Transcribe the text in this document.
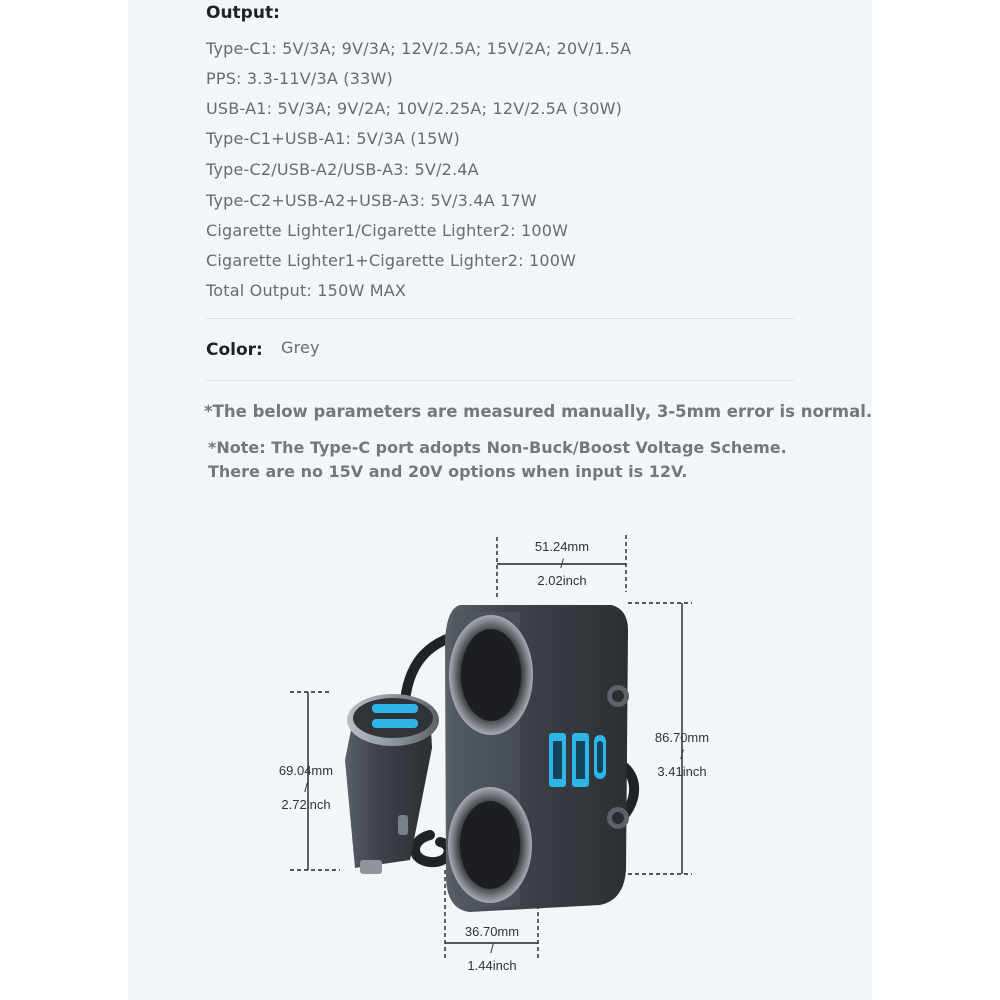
Output:
Type-C1: 5V/3A; 9V/3A; 12V/2.5A; 15V/2A; 20V/1.5A
PPS: 3.3-11V/3A (33W)
USB-A1: 5V/3A; 9V/2A; 10V/2.25A; 12V/2.5A (30W)
Type-C1+USB-A1: 5V/3A (15W)
Type-C2/USB-A2/USB-A3: 5V/2.4A
Type-C2+USB-A2+USB-A3: 5V/3.4A 17W
Cigarette Lighter1/Cigarette Lighter2: 100W
Cigarette Lighter1+Cigarette Lighter2: 100W
Total Output: 150W MAX
Color: Grey
*The below parameters are measured manually, 3-5mm error is normal.
*Note: The Type-C port adopts Non-Buck/Boost Voltage Scheme.
There are no 15V and 20V options when input is 12V.
51.24mm
/
2.02inch
69.04mm
/
2.72inch
86.70mm
/
3.41inch
36.70mm
/
1.44inch
